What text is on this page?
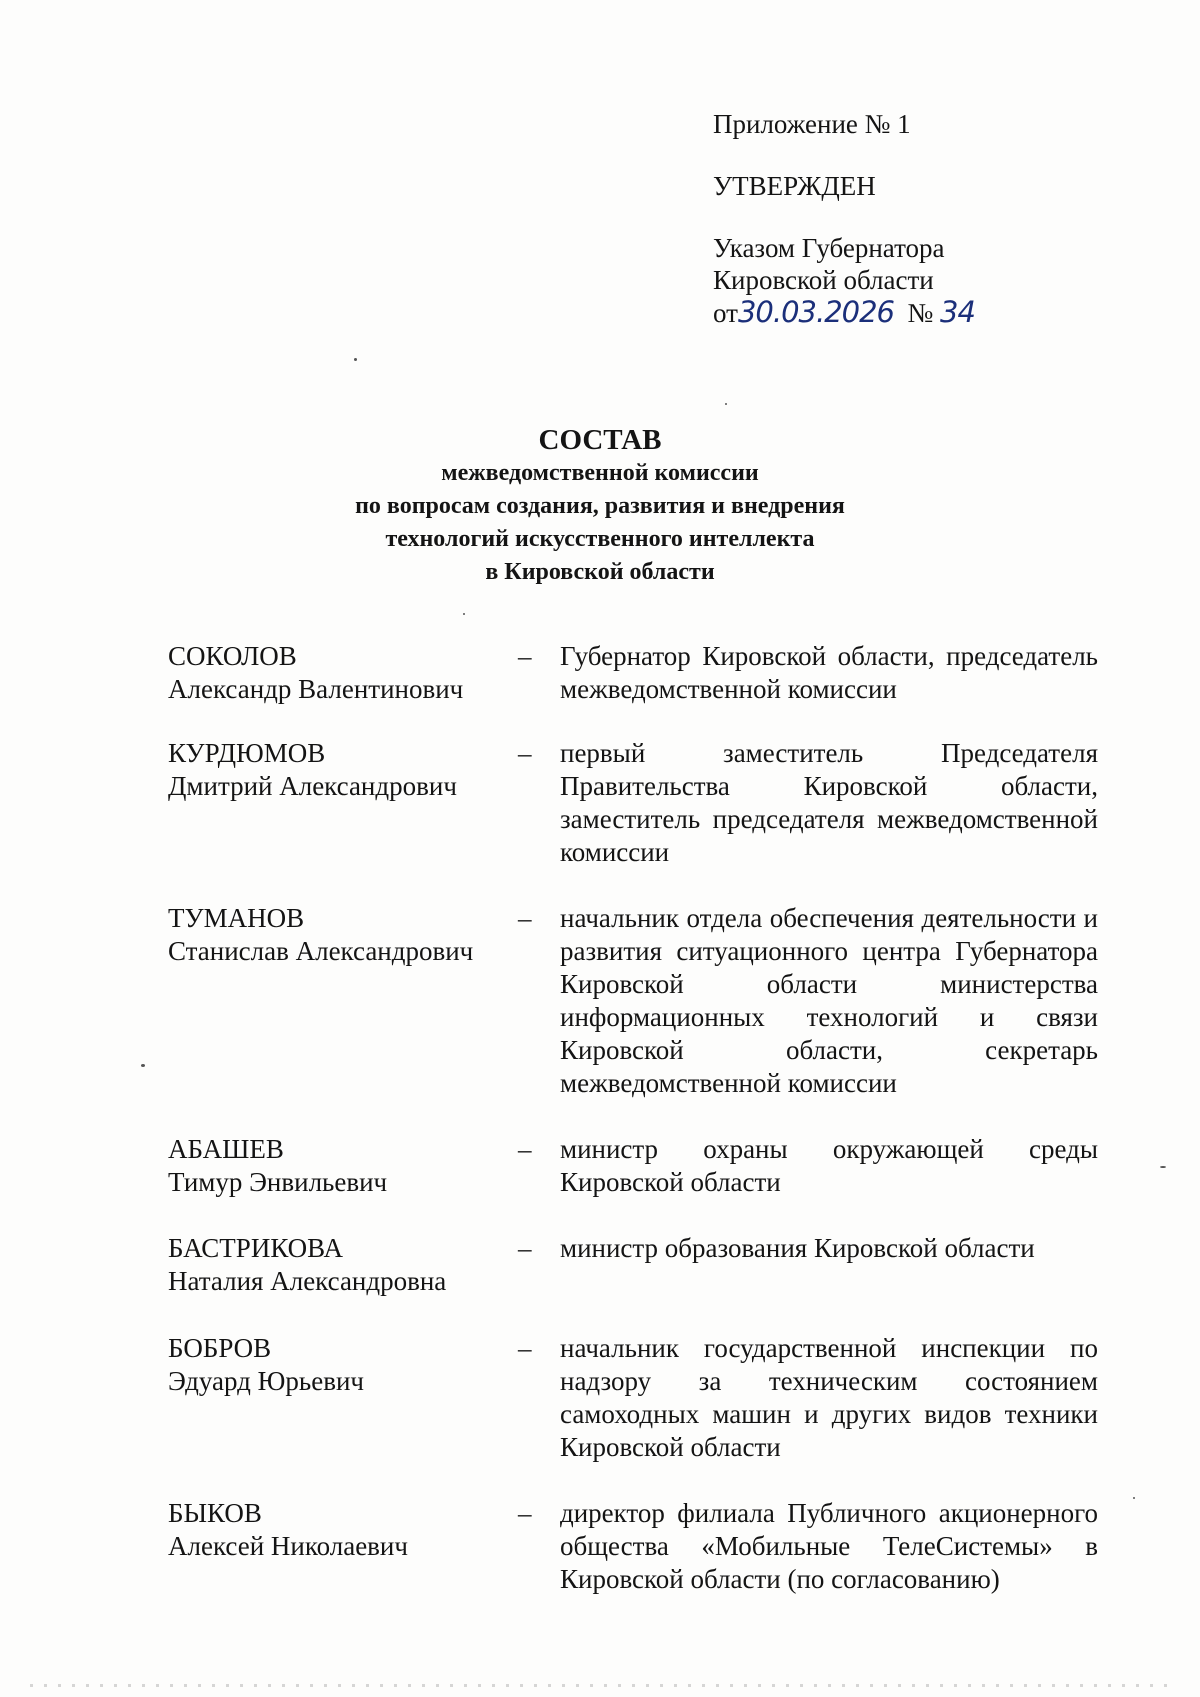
Приложение № 1
УТВЕРЖДЕН
Указом Губернатора
Кировской области
от30.03.2026 № 34
СОСТАВ
межведомственной комиссии
по вопросам создания, развития и внедрения
технологий искусственного интеллекта
в Кировской области
СОКОЛОВ
Александр Валентинович
–	Губернатор Кировской области, председатель межведомственной комиссии
КУРДЮМОВ
Дмитрий Александрович
–	первый заместитель Председателя Правительства Кировской области, заместитель председателя межведомственной комиссии
ТУМАНОВ
Станислав Александрович
–	начальник отдела обеспечения деятельности и развития ситуационного центра Губернатора Кировской области министерства информационных технологий и связи Кировской области, секретарь межведомственной комиссии
АБАШЕВ
Тимур Энвильевич
–	министр охраны окружающей среды Кировской области
БАСТРИКОВА
Наталия Александровна
–	министр образования Кировской области
БОБРОВ
Эдуард Юрьевич
–	начальник государственной инспекции по надзору за техническим состоянием самоходных машин и других видов техники Кировской области
БЫКОВ
Алексей Николаевич
–	директор филиала Публичного акционерного общества «Мобильные ТелеСистемы» в Кировской области (по согласованию)
